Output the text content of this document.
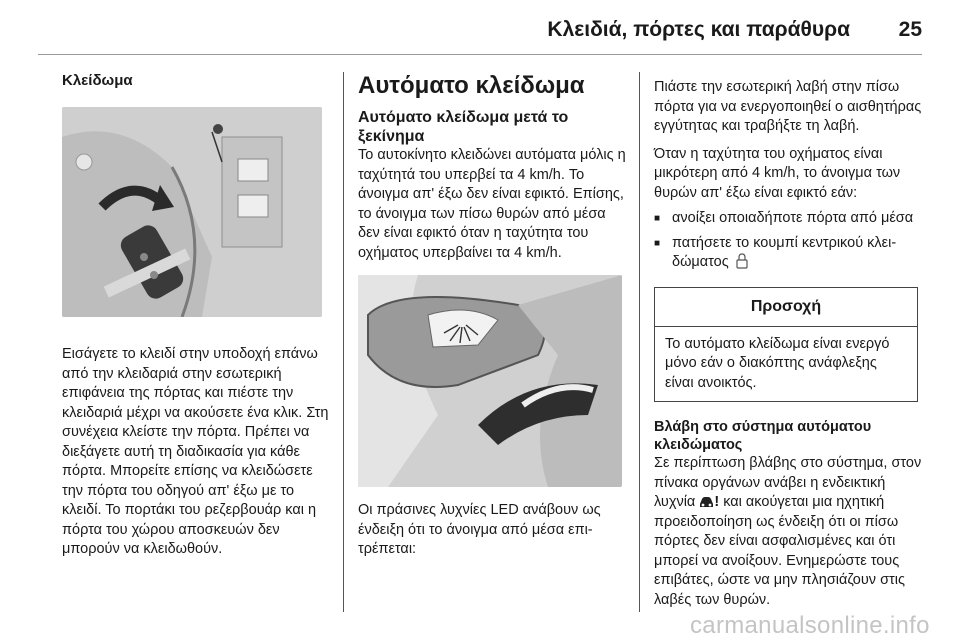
Κλειδιά, πόρτες και παράθυρα 25
Κλείδωμα

Εισάγετε το κλειδί στην υποδοχή επάνω από την κλειδαριά στην εσωτερική επιφάνεια της πόρτας και πιέστε την κλειδαριά μέχρι να ακούσετε ένα κλικ. Στη συνέχεια κλείστε την πόρτα. Πρέπει να διεξάγετε αυτή τη διαδικασία για κάθε πόρτα. Μπορείτε επίσης να κλειδώσετε την πόρτα του οδηγού απ' έξω με το κλειδί. Το πορτάκι του ρεζερβουάρ και η πόρτα του χώρου αποσκευών δεν μπορούν να κλειδωθούν.

Αυτόματο κλείδωμα
Αυτόματο κλείδωμα μετά το ξεκίνημα

Το αυτοκίνητο κλειδώνει αυτόματα μόλις η ταχύτητά του υπερβεί τα 4 km/h. Το άνοιγμα απ' έξω δεν είναι εφικτό. Επίσης, το άνοιγμα των πίσω θυρών από μέσα δεν είναι εφικτό όταν η ταχύτητα του οχήματος υπερβαίνει τα 4 km/h.

Οι πράσινες λυχνίες LED ανάβουν ως ένδειξη ότι το άνοιγμα από μέσα επιτρέπεται:

Πιάστε την εσωτερική λαβή στην πίσω πόρτα για να ενεργοποιηθεί ο αισθητήρας εγγύτητας και τραβήξτε τη λαβή.

Όταν η ταχύτητα του οχήματος είναι μικρότερη από 4 km/h, το άνοιγμα των θυρών απ' έξω είναι εφικτό εάν:

■ ανοίξει οποιαδήποτε πόρτα από μέσα
■ πατήσετε το κουμπί κεντρικού κλειδώματος
Προσοχή
Το αυτόματο κλείδωμα είναι ενεργό μόνο εάν ο διακόπτης ανάφλεξης είναι ανοικτός.
Βλάβη στο σύστημα αυτόματου κλειδώματος

Σε περίπτωση βλάβης στο σύστημα, στον πίνακα οργάνων ανάβει η ενδεικτική λυχνία ! και ακούγεται μια ηχητική προειδοποίηση ως ένδειξη ότι οι πίσω πόρτες δεν είναι ασφαλισμένες και ότι μπορεί να ανοίξουν. Ενημερώστε τους επιβάτες, ώστε να μην πλησιάζουν στις λαβές των θυρών.

carmanualsonline.info
